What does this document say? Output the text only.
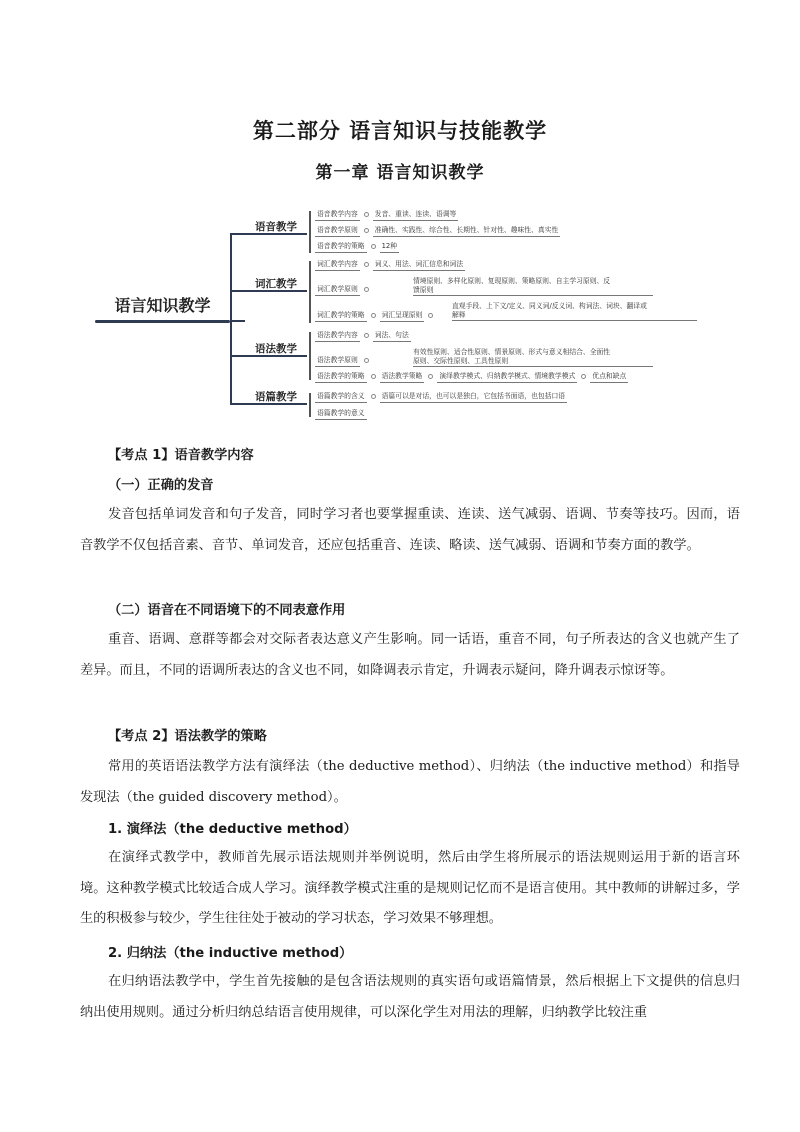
第二部分 语言知识与技能教学
第一章 语言知识教学
语言知识教学
语音教学
语音教学内容	发音、重读、连读、语调等
语音教学原则	准确性、实践性、综合性、长期性、针对性、趣味性、真实性
语音教学的策略	12种
词汇教学
词汇教学内容	词义、用法、词汇信息和词法
词汇教学原则
情境原则、多样化原则、复现原则、策略原则、自主学习原则、反
馈原则
词汇教学的策略	词汇呈现原则
直观手段、上下文/定义、同义词/反义词、构词法、词块、翻译或
解释
语法教学
语法教学内容	词法、句法
语法教学原则
有效性原则、适合性原则、情景原则、形式与意义相结合、全面性
原则、交际性原则、工具性原则
语法教学的策略	语法教学策略	演绎教学模式、归纳教学模式、情境教学模式	优点和缺点
语篇教学	语篇教学的含义	语篇可以是对话，也可以是独白，它包括书面语，也包括口语
语篇教学的意义
【考点 1】语音教学内容
（一）正确的发音
发音包括单词发音和句子发音，同时学习者也要掌握重读、连读、送气减弱、语调、节奏等技巧。因而，语音教学不仅包括音素、音节、单词发音，还应包括重音、连读、略读、送气减弱、语调和节奏方面的教学。
（二）语音在不同语境下的不同表意作用
重音、语调、意群等都会对交际者表达意义产生影响。同一话语，重音不同，句子所表达的含义也就产生了差异。而且，不同的语调所表达的含义也不同，如降调表示肯定，升调表示疑问，降升调表示惊讶等。
【考点 2】语法教学的策略
常用的英语语法教学方法有演绎法（the deductive method）、归纳法（the inductive method）和指导发现法（the guided discovery method）。
1. 演绎法（the deductive method）
在演绎式教学中，教师首先展示语法规则并举例说明，然后由学生将所展示的语法规则运用于新的语言环境。这种教学模式比较适合成人学习。演绎教学模式注重的是规则记忆而不是语言使用。其中教师的讲解过多，学生的积极参与较少，学生往往处于被动的学习状态，学习效果不够理想。
2. 归纳法（the inductive method）
在归纳语法教学中，学生首先接触的是包含语法规则的真实语句或语篇情景，然后根据上下文提供的信息归纳出使用规则。通过分析归纳总结语言使用规律，可以深化学生对用法的理解，归纳教学比较注重
